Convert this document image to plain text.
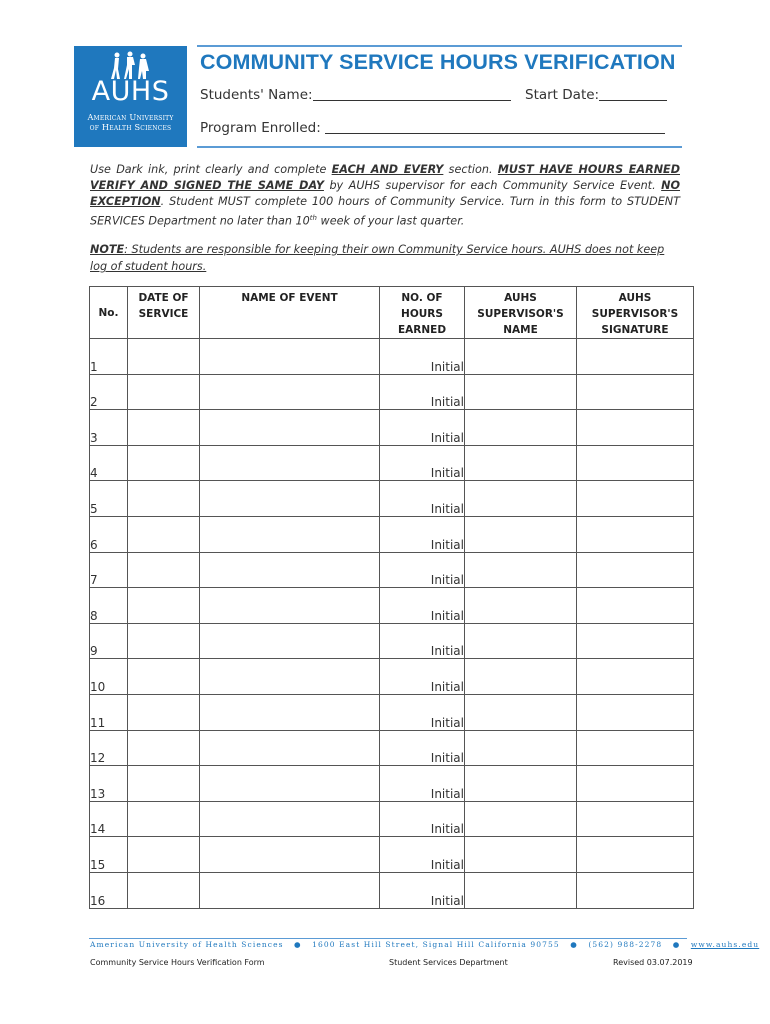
AUHS
American University
of Health Sciences
COMMUNITY SERVICE HOURS VERIFICATION
Students' Name:	Start Date:
Program Enrolled:
Use Dark ink, print clearly and complete EACH AND EVERY section. MUST HAVE HOURS EARNED VERIFY AND SIGNED THE SAME DAY by AUHS supervisor for each Community Service Event. NO EXCEPTION. Student MUST complete 100 hours of Community Service. Turn in this form to STUDENT SERVICES Department no later than 10th week of your last quarter.
NOTE: Students are responsible for keeping their own Community Service hours. AUHS does not keep log of student hours.
No.	DATE OF SERVICE	NAME OF EVENT	NO. OF HOURS EARNED	AUHS SUPERVISOR'S NAME	AUHS SUPERVISOR'S SIGNATURE
1			Initial		
2			Initial		
3			Initial		
4			Initial		
5			Initial		
6			Initial		
7			Initial		
8			Initial		
9			Initial		
10			Initial		
11			Initial		
12			Initial		
13			Initial		
14			Initial		
15			Initial		
16			Initial		
American University of Health Sciences   ●   1600 East Hill Street, Signal Hill California 90755   ●   (562) 988-2278   ●   www.auhs.edu
Community Service Hours Verification Form	Student Services Department	Revised 03.07.2019
